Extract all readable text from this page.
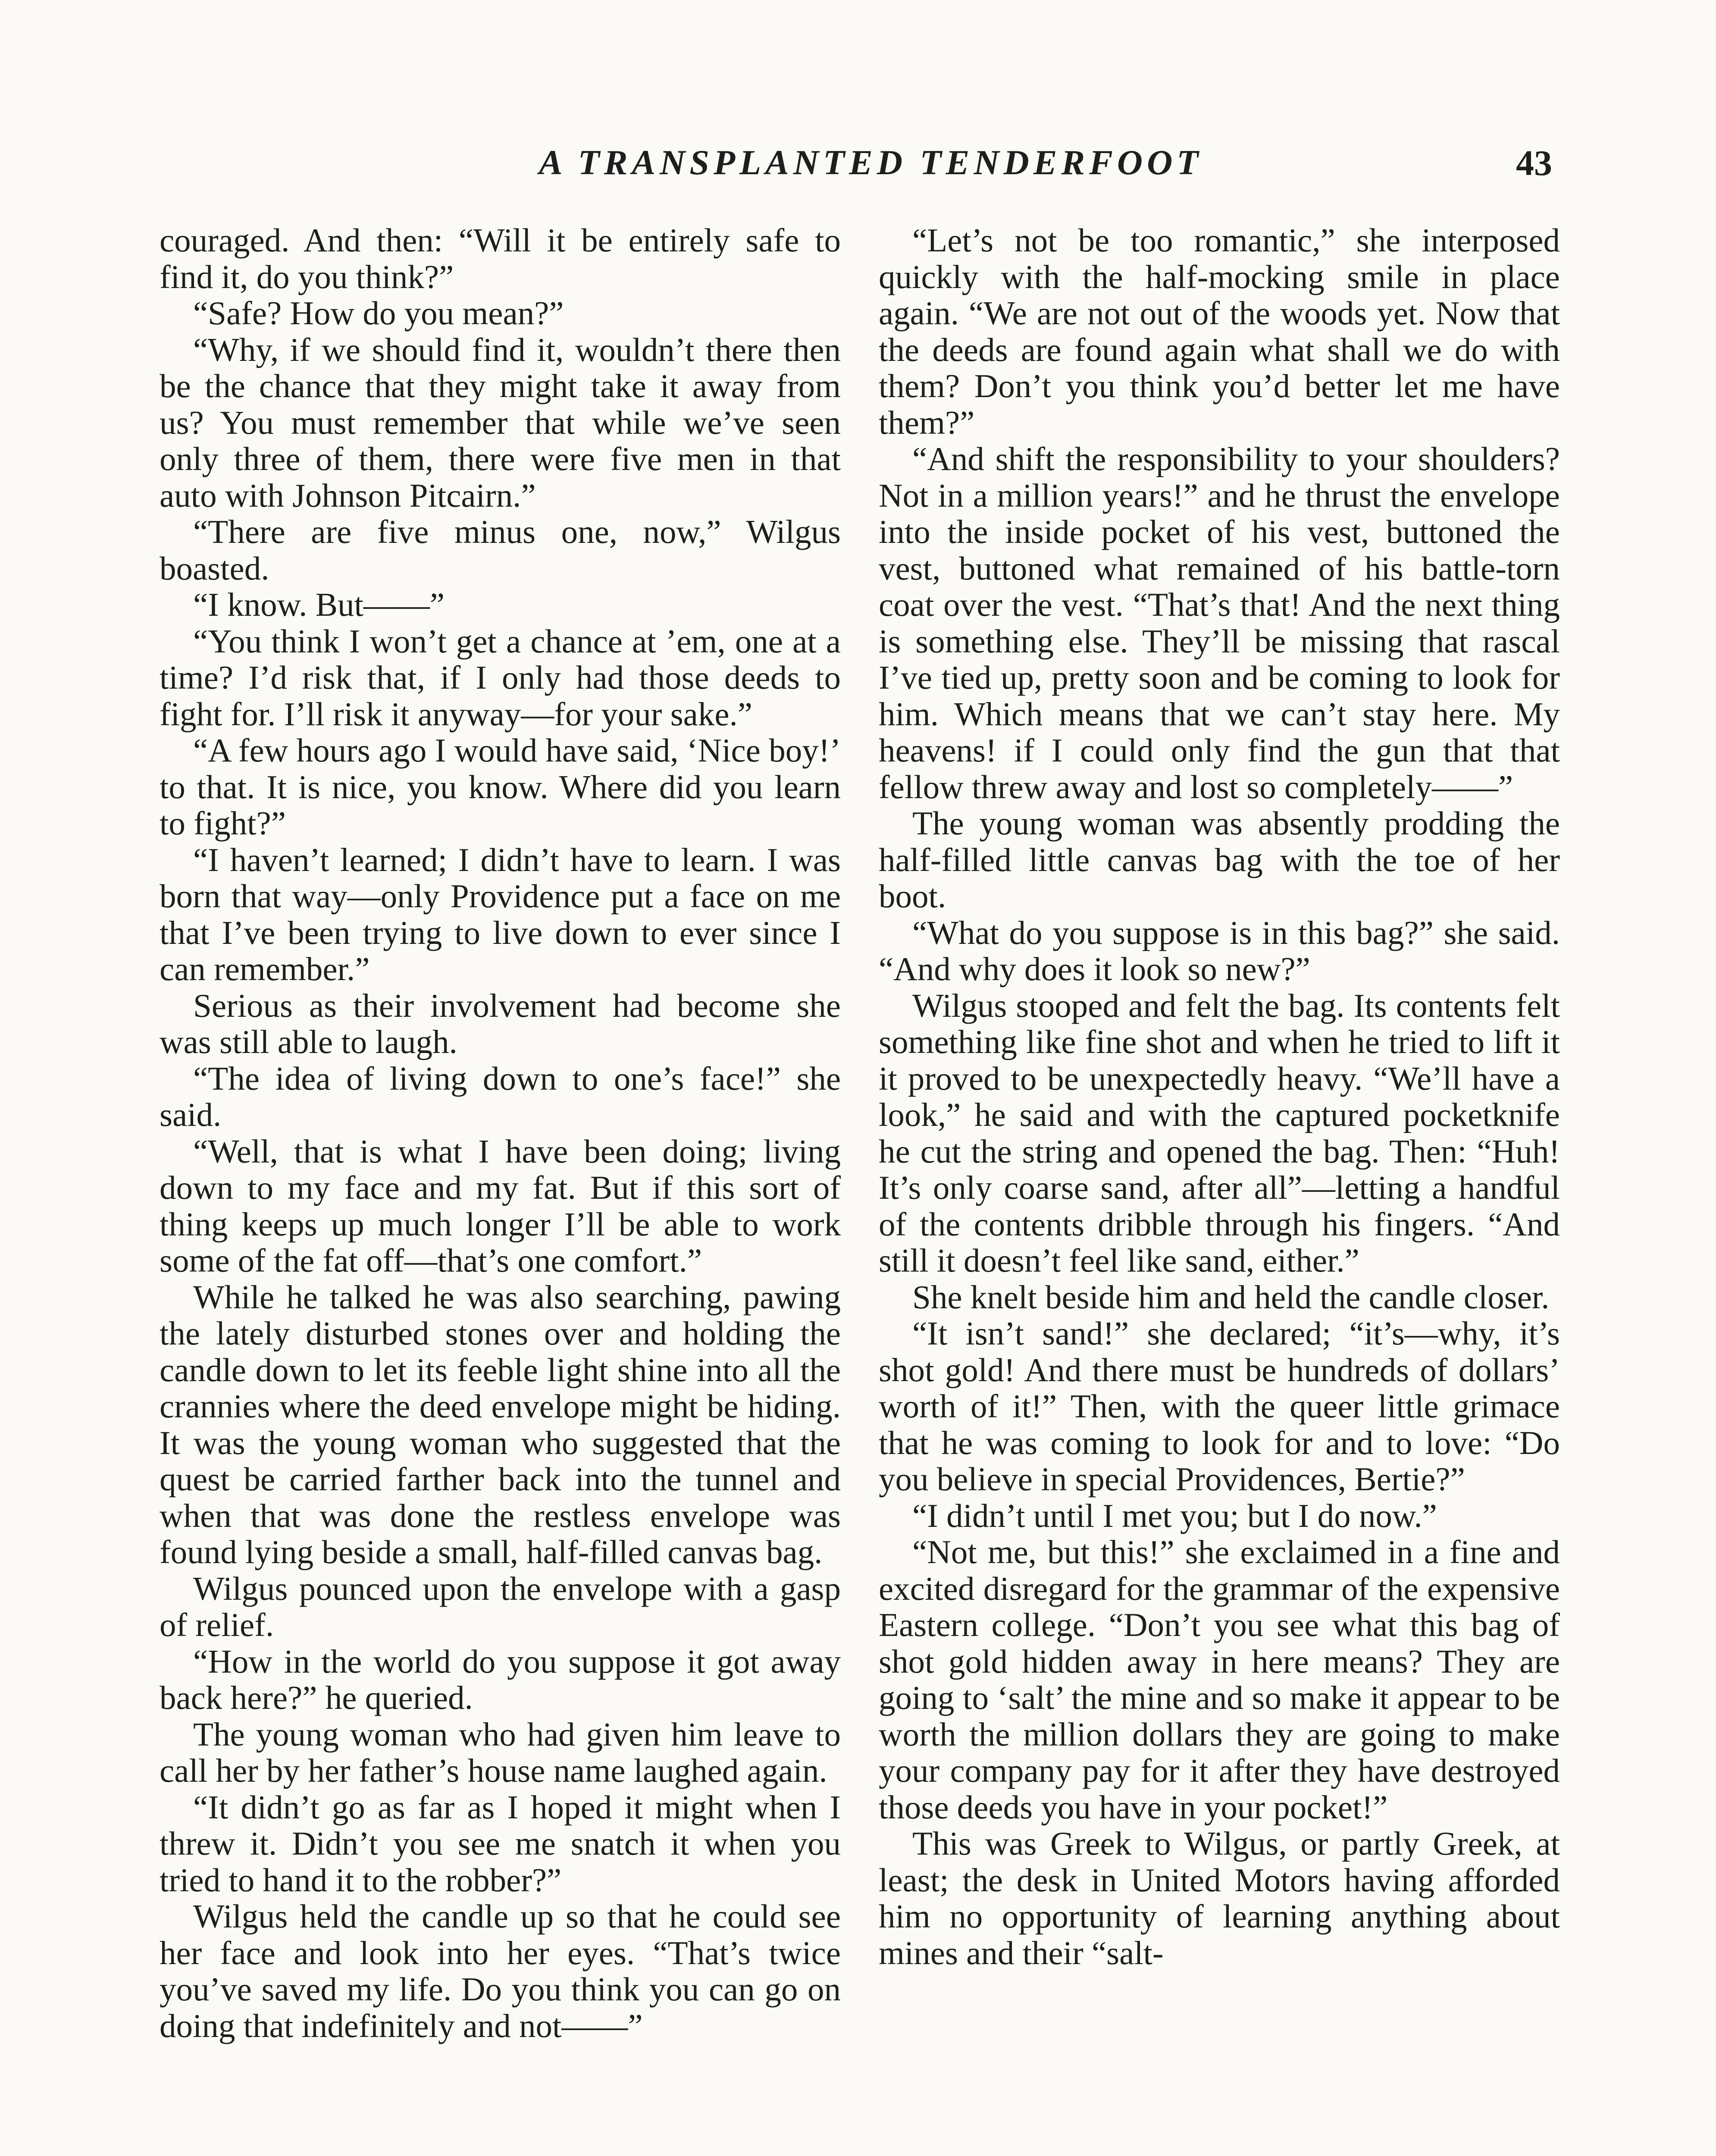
A TRANSPLANTED TENDERFOOT	43

couraged. And then: “Will it be entirely safe to find it, do you think?”

“Safe? How do you mean?”

“Why, if we should find it, wouldn’t there then be the chance that they might take it away from us? You must remember that while we’ve seen only three of them, there were five men in that auto with Johnson Pitcairn.”

“There are five minus one, now,” Wilgus boasted.

“I know. But——”

“You think I won’t get a chance at ’em, one at a time? I’d risk that, if I only had those deeds to fight for. I’ll risk it anyway—for your sake.”

“A few hours ago I would have said, ‘Nice boy!’ to that. It is nice, you know. Where did you learn to fight?”

“I haven’t learned; I didn’t have to learn. I was born that way—only Providence put a face on me that I’ve been trying to live down to ever since I can remember.”

Serious as their involvement had become she was still able to laugh.

“The idea of living down to one’s face!” she said.

“Well, that is what I have been doing; living down to my face and my fat. But if this sort of thing keeps up much longer I’ll be able to work some of the fat off—that’s one comfort.”

While he talked he was also searching, pawing the lately disturbed stones over and holding the candle down to let its feeble light shine into all the crannies where the deed envelope might be hiding. It was the young woman who suggested that the quest be carried farther back into the tunnel and when that was done the restless envelope was found lying beside a small, half-filled canvas bag.

Wilgus pounced upon the envelope with a gasp of relief.

“How in the world do you suppose it got away back here?” he queried.

The young woman who had given him leave to call her by her father’s house name laughed again.

“It didn’t go as far as I hoped it might when I threw it. Didn’t you see me snatch it when you tried to hand it to the robber?”

Wilgus held the candle up so that he could see her face and look into her eyes. “That’s twice you’ve saved my life. Do you think you can go on doing that indefinitely and not——”

“Let’s not be too romantic,” she interposed quickly with the half-mocking smile in place again. “We are not out of the woods yet. Now that the deeds are found again what shall we do with them? Don’t you think you’d better let me have them?”

“And shift the responsibility to your shoulders? Not in a million years!” and he thrust the envelope into the inside pocket of his vest, buttoned the vest, buttoned what remained of his battle-torn coat over the vest. “That’s that! And the next thing is something else. They’ll be missing that rascal I’ve tied up, pretty soon and be coming to look for him. Which means that we can’t stay here. My heavens! if I could only find the gun that that fellow threw away and lost so completely——”

The young woman was absently prodding the half-filled little canvas bag with the toe of her boot.

“What do you suppose is in this bag?” she said. “And why does it look so new?”

Wilgus stooped and felt the bag. Its contents felt something like fine shot and when he tried to lift it it proved to be unexpectedly heavy. “We’ll have a look,” he said and with the captured pocketknife he cut the string and opened the bag. Then: “Huh! It’s only coarse sand, after all”—letting a handful of the contents dribble through his fingers. “And still it doesn’t feel like sand, either.”

She knelt beside him and held the candle closer.

“It isn’t sand!” she declared; “it’s—why, it’s shot gold! And there must be hundreds of dollars’ worth of it!” Then, with the queer little grimace that he was coming to look for and to love: “Do you believe in special Providences, Bertie?”

“I didn’t until I met you; but I do now.”

“Not me, but this!” she exclaimed in a fine and excited disregard for the grammar of the expensive Eastern college. “Don’t you see what this bag of shot gold hidden away in here means? They are going to ‘salt’ the mine and so make it appear to be worth the million dollars they are going to make your company pay for it after they have destroyed those deeds you have in your pocket!”

This was Greek to Wilgus, or partly Greek, at least; the desk in United Motors having afforded him no opportunity of learning anything about mines and their “salt-
